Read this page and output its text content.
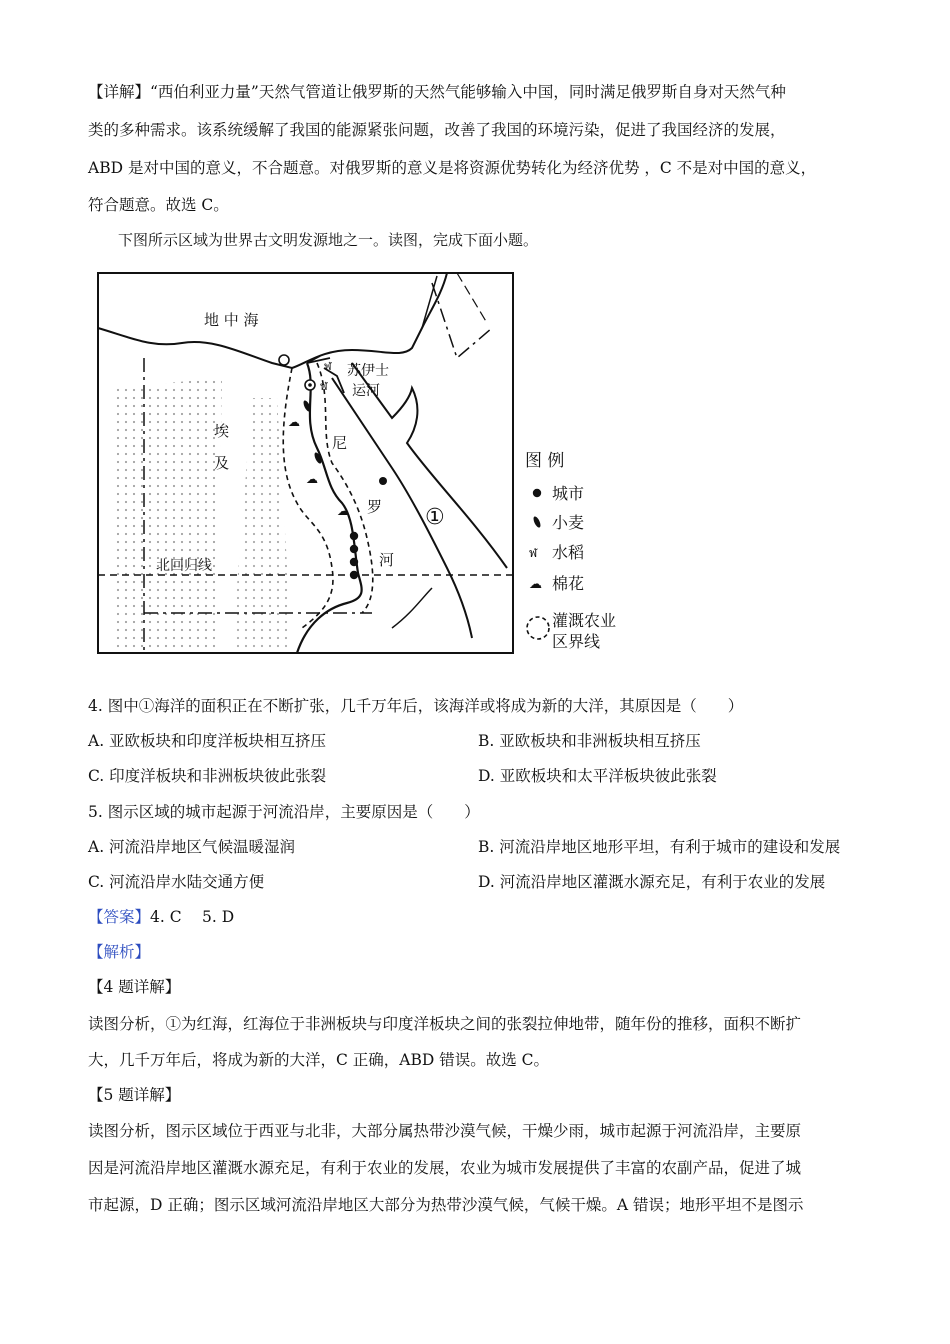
【详解】“西伯利亚力量”天然气管道让俄罗斯的天然气能够输入中国，同时满足俄罗斯自身对天然气种
类的多种需求。该系统缓解了我国的能源紧张问题，改善了我国的环境污染，促进了我国经济的发展，
ABD 是对中国的意义，不合题意。对俄罗斯的意义是将资源优势转化为经济优势 ，C 不是对中国的意义，
符合题意。故选 C。
下图所示区域为世界古文明发源地之一。读图，完成下面小题。
ฬ
ฬ
☁
☁
☁
地 中 海
埃
及
苏伊士
运河
尼
罗
河
①
北回归线
图 例
城市
小麦
ฬ 水稻
☁ 棉花
灌溉农业
区界线
4. 图中①海洋的面积正在不断扩张，几千万年后，该海洋或将成为新的大洋，其原因是（　　）
A. 亚欧板块和印度洋板块相互挤压	B. 亚欧板块和非洲板块相互挤压
C. 印度洋板块和非洲板块彼此张裂	D. 亚欧板块和太平洋板块彼此张裂
5. 图示区域的城市起源于河流沿岸，主要原因是（　　）
A. 河流沿岸地区气候温暖湿润	B. 河流沿岸地区地形平坦，有利于城市的建设和发展
C. 河流沿岸水陆交通方便	D. 河流沿岸地区灌溉水源充足，有利于农业的发展
【答案】4. C　 5. D
【解析】
【4 题详解】
读图分析，①为红海，红海位于非洲板块与印度洋板块之间的张裂拉伸地带，随年份的推移，面积不断扩
大，几千万年后，将成为新的大洋，C 正确，ABD 错误。故选 C。
【5 题详解】
读图分析，图示区域位于西亚与北非，大部分属热带沙漠气候，干燥少雨，城市起源于河流沿岸，主要原
因是河流沿岸地区灌溉水源充足，有利于农业的发展，农业为城市发展提供了丰富的农副产品，促进了城
市起源，D 正确；图示区域河流沿岸地区大部分为热带沙漠气候，气候干燥。A 错误；地形平坦不是图示
